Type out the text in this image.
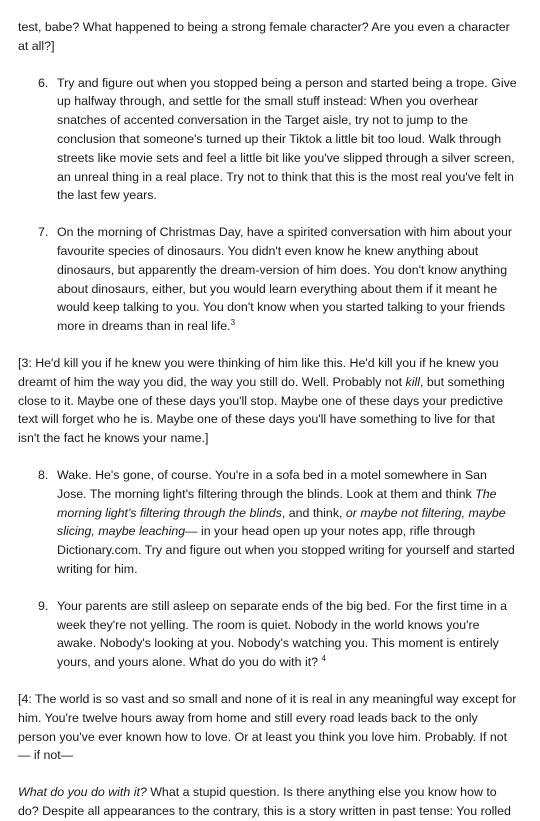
test, babe? What happened to being a strong female character? Are you even a character at all?]

6. Try and figure out when you stopped being a person and started being a trope. Give up halfway through, and settle for the small stuff instead: When you overhear snatches of accented conversation in the Target aisle, try not to jump to the conclusion that someone's turned up their Tiktok a little bit too loud. Walk through streets like movie sets and feel a little bit like you've slipped through a silver screen, an unreal thing in a real place. Try not to think that this is the most real you've felt in the last few years.
7. On the morning of Christmas Day, have a spirited conversation with him about your favourite species of dinosaurs. You didn't even know he knew anything about dinosaurs, but apparently the dream-version of him does. You don't know anything about dinosaurs, either, but you would learn everything about them if it meant he would keep talking to you. You don't know when you started talking to your friends more in dreams than in real life.$^3$

[3: He'd kill you if he knew you were thinking of him like this. He'd kill you if he knew you dreamt of him the way you did, the way you still do. Well. Probably not kill, but something close to it. Maybe one of these days you'll stop. Maybe one of these days your predictive text will forget who he is. Maybe one of these days you'll have something to live for that isn't the fact he knows your name.]

8. Wake. He's gone, of course. You're in a sofa bed in a motel somewhere in San Jose. The morning light's filtering through the blinds. Look at them and think The morning light's filtering through the blinds, and think, or maybe not filtering, maybe slicing, maybe leaching— in your head open up your notes app, rifle through Dictionary.com. Try and figure out when you stopped writing for yourself and started writing for him.
9. Your parents are still asleep on separate ends of the big bed. For the first time in a week they're not yelling. The room is quiet. Nobody in the world knows you're awake. Nobody's looking at you. Nobody's watching you. This moment is entirely yours, and yours alone. What do you do with it? $^4$

[4: The world is so vast and so small and none of it is real in any meaningful way except for him. You're twelve hours away from home and still every road leads back to the only person you've ever known how to love. Or at least you think you love him. Probably. If not— if not—

What do you do with it? What a stupid question. Is there anything else you know how to do? Despite all appearances to the contrary, this is a story written in past tense: You rolled
